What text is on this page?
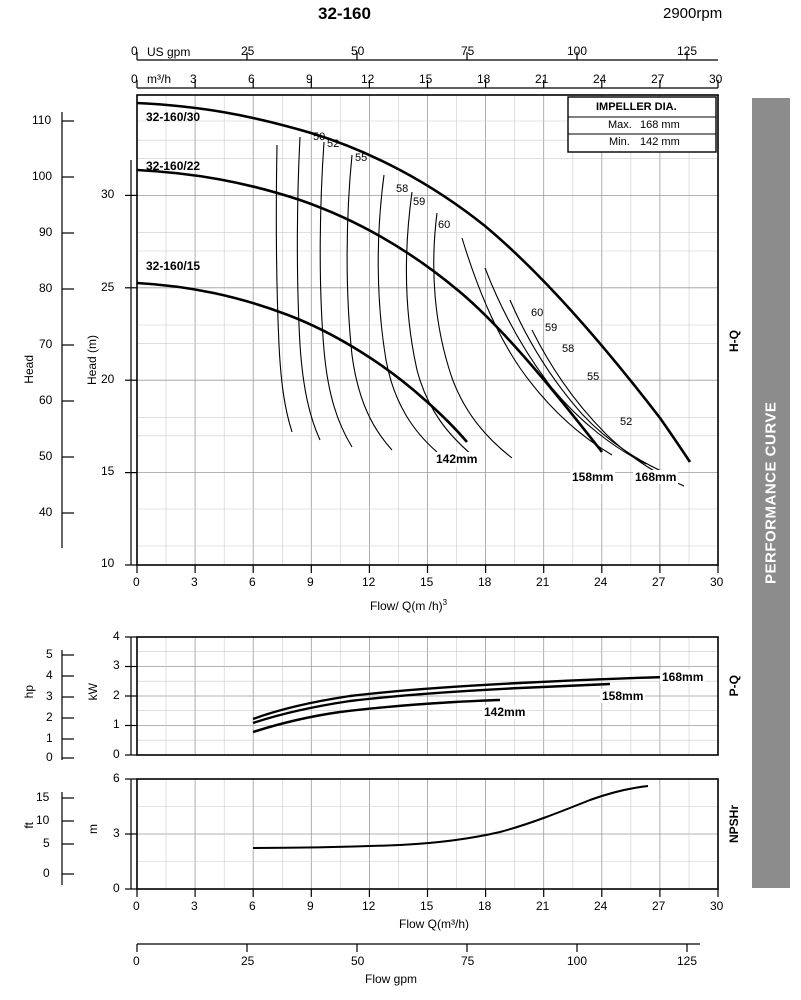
32-160	2900rpm
PERFORMANCE CURVE
US gpm
0	25	50	75	100	125
m³/h
0	3	6	9	12	15	18	21	24	27	30
110
100
90
80
70
60
50
40
Head
30
25
20
15
10
Head (m)
0	3	6	9	12	15	18	21	24	27	30
Flow/ Q(m /h)$^3$
32-160/30
32-160/22
32-160/15
142mm
158mm 168mm
50
52
55
58
59
60
60
59
58
55
52
IMPELLER DIA.
Max. 168 mm
Min. 142 mm
H-Q
P-Q
NPSHr
5
4
3
2
1
0
hp
4
3
2
1
0
kW
142mm
158mm
168mm
15
10
5
0
ft
6
3
0
m
0	3	6	9	12	15	18	21	24	27	30
Flow Q(m³/h)
0	25	50	75	100	125
Flow gpm
